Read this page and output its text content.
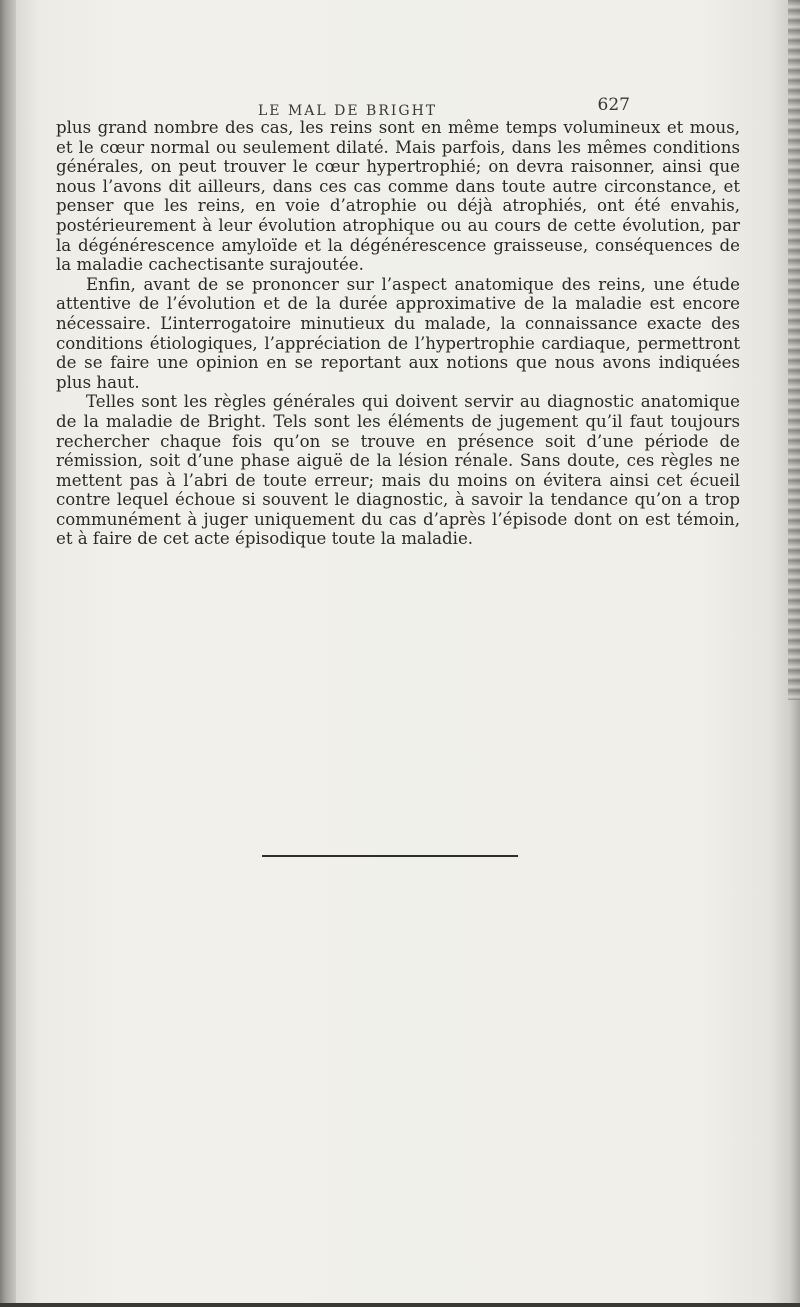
LE MAL DE BRIGHT	627

plus grand nombre des cas, les reins sont en même temps volumineux et mous, et le cœur normal ou seulement dilaté. Mais parfois, dans les mêmes conditions générales, on peut trouver le cœur hypertrophié; on devra raisonner, ainsi que nous l’avons dit ailleurs, dans ces cas comme dans toute autre circonstance, et penser que les reins, en voie d’atrophie ou déjà atrophiés, ont été envahis, postérieurement à leur évolution atrophique ou au cours de cette évolution, par la dégénérescence amyloïde et la dégénérescence graisseuse, conséquences de la maladie cachectisante surajoutée.

Enfin, avant de se prononcer sur l’aspect anatomique des reins, une étude attentive de l’évolution et de la durée approximative de la maladie est encore nécessaire. L’interrogatoire minutieux du malade, la connaissance exacte des conditions étiologiques, l’appréciation de l’hypertrophie cardiaque, permettront de se faire une opinion en se reportant aux notions que nous avons indiquées plus haut.

Telles sont les règles générales qui doivent servir au diagnostic anatomique de la maladie de Bright. Tels sont les éléments de jugement qu’il faut toujours rechercher chaque fois qu’on se trouve en présence soit d’une période de rémission, soit d’une phase aiguë de la lésion rénale. Sans doute, ces règles ne mettent pas à l’abri de toute erreur; mais du moins on évitera ainsi cet écueil contre lequel échoue si souvent le diagnostic, à savoir la tendance qu’on a trop communément à juger uniquement du cas d’après l’épisode dont on est témoin, et à faire de cet acte épisodique toute la maladie.
